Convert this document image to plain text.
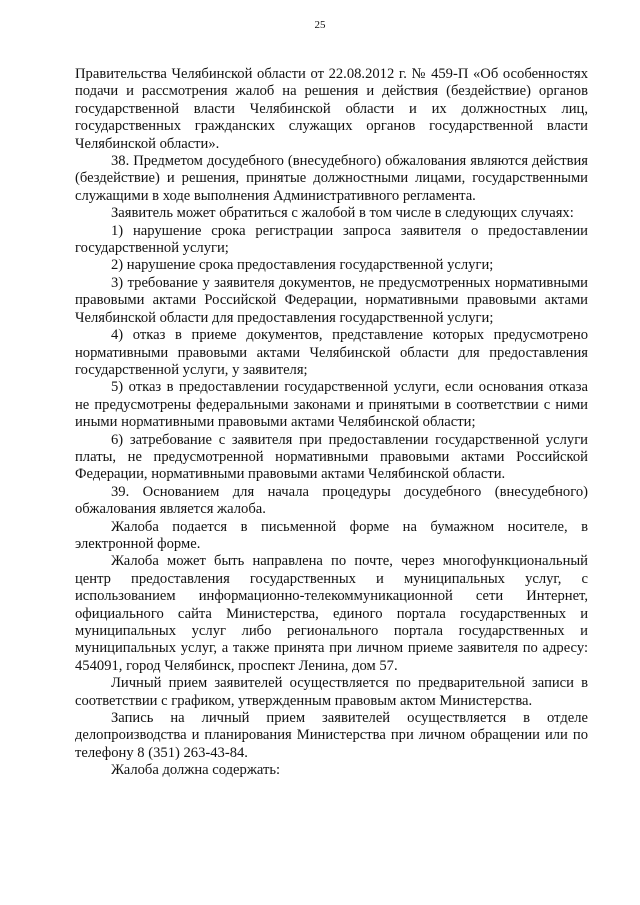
25

Правительства Челябинской области от 22.08.2012 г. № 459-П «Об особенностях подачи и рассмотрения жалоб на решения и действия (бездействие) органов государственной власти Челябинской области и их должностных лиц, государственных гражданских служащих органов государственной власти Челябинской области».

38. Предметом досудебного (внесудебного) обжалования являются действия (бездействие) и решения, принятые должностными лицами, государственными служащими в ходе выполнения Административного регламента.

Заявитель может обратиться с жалобой в том числе в следующих случаях:

1) нарушение срока регистрации запроса заявителя о предоставлении государственной услуги;

2) нарушение срока предоставления государственной услуги;

3) требование у заявителя документов, не предусмотренных нормативными правовыми актами Российской Федерации, нормативными правовыми актами Челябинской области для предоставления государственной услуги;

4) отказ в приеме документов, представление которых предусмотрено нормативными правовыми актами Челябинской области для предоставления государственной услуги, у заявителя;

5) отказ в предоставлении государственной услуги, если основания отказа не предусмотрены федеральными законами и принятыми в соответствии с ними иными нормативными правовыми актами Челябинской области;

6) затребование с заявителя при предоставлении государственной услуги платы, не предусмотренной нормативными правовыми актами Российской Федерации, нормативными правовыми актами Челябинской области.

39. Основанием для начала процедуры досудебного (внесудебного) обжалования является жалоба.

Жалоба подается в письменной форме на бумажном носителе, в электронной форме.

Жалоба может быть направлена по почте, через многофункциональный центр предоставления государственных и муниципальных услуг, с использованием информационно-телекоммуникационной сети Интернет, официального сайта Министерства, единого портала государственных и муниципальных услуг либо регионального портала государственных и муниципальных услуг, а также принята при личном приеме заявителя по адресу: 454091, город Челябинск, проспект Ленина, дом 57.

Личный прием заявителей осуществляется по предварительной записи в соответствии с графиком, утвержденным правовым актом Министерства.

Запись на личный прием заявителей осуществляется в отделе делопроизводства и планирования Министерства при личном обращении или по телефону 8 (351) 263-43-84.

Жалоба должна содержать:
